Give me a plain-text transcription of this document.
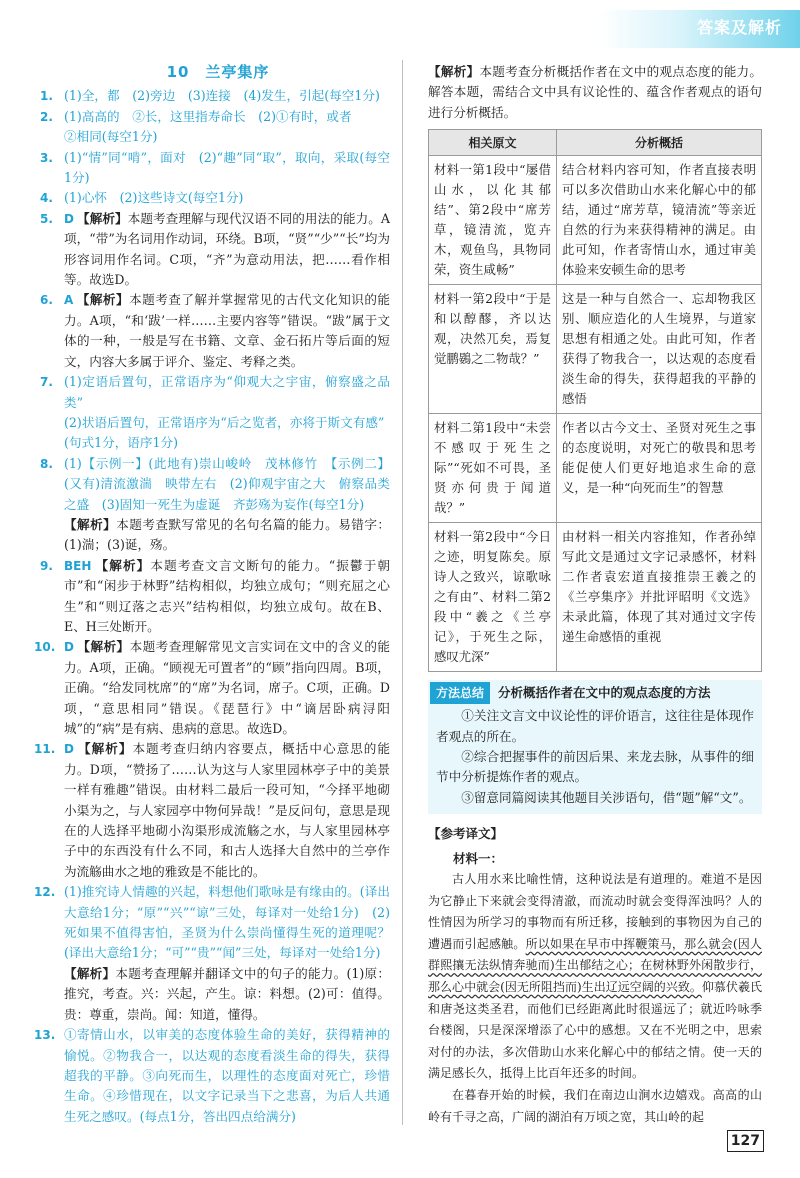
答案及解析
10　兰亭集序
1. (1)全，都　(2)旁边　(3)连接　(4)发生，引起(每空1分)
2. (1)高高的　②长，这里指寿命长　(2)①有时，或者
②相同(每空1分)
3. (1)“情”同“啃”，面对　(2)“趣”同“取”，取向，采取(每空1分)
4. (1)心怀　(2)这些诗文(每空1分)
5. D 【解析】本题考查理解与现代汉语不同的用法的能力。A项，“带”为名词用作动词，环绕。B项，“贤”“少”“长”均为形容词用作名词。C项，“齐”为意动用法，把……看作相等。故选D。
6. A 【解析】本题考查了解并掌握常见的古代文化知识的能力。A项，“和‘跋’一样……主要内容等”错误。“跋”属于文体的一种，一般是写在书籍、文章、金石拓片等后面的短文，内容大多属于评介、鉴定、考释之类。
7. (1)定语后置句，正常语序为“仰观大之宇宙，俯察盛之品类”
(2)状语后置句，正常语序为“后之览者，亦将于斯文有感”
(句式1分，语序1分)
8. (1)【示例一】(此地有)崇山峻岭　茂林修竹　【示例二】(又有)清流激湍　映带左右　(2)仰观宇宙之大　俯察品类之盛　(3)固知一死生为虚诞　齐彭殇为妄作(每空1分)
【解析】本题考查默写常见的名句名篇的能力。易错字：(1)湍；(3)诞，殇。
9. BEH 【解析】本题考查文言文断句的能力。“振鬱于朝市”和“闲步于林野”结构相似，均独立成句；“则充屈之心生”和“则辽落之志兴”结构相似，均独立成句。故在B、E、H三处断开。
10. D 【解析】本题考查理解常见文言实词在文中的含义的能力。A项，正确。“顾视无可置者”的“顾”指向四周。B项，正确。“给发同枕席”的“席”为名词，席子。C项，正确。D项，“意思相同”错误。《琵琶行》中“谪居卧病浔阳城”的“病”是有病、患病的意思。故选D。
11. D 【解析】本题考查归纳内容要点，概括中心意思的能力。D项，“赞扬了……认为这与人家里园林亭子中的美景一样有雅趣”错误。由材料二最后一段可知，“今择平地砌小渠为之，与人家园亭中物何异哉！”是反问句，意思是现在的人选择平地砌小沟渠形成流觞之水，与人家里园林亭子中的东西没有什么不同，和古人选择大自然中的兰亭作为流觞曲水之地的雅致是不能比的。
12. (1)推究诗人情趣的兴起，料想他们歌咏是有缘由的。(译出大意给1分；“原”“兴”“谅”三处，每译对一处给1分)　(2)死如果不值得害怕，圣贤为什么崇尚懂得生死的道理呢？(译出大意给1分；“可”“贵”“闻”三处，每译对一处给1分)
【解析】本题考查理解并翻译文中的句子的能力。(1)原：推究，考查。兴：兴起，产生。谅：料想。(2)可：值得。贵：尊重，崇尚。闻：知道，懂得。
13. ①寄情山水，以审美的态度体验生命的美好，获得精神的愉悦。②物我合一，以达观的态度看淡生命的得失，获得超我的平静。③向死而生，以理性的态度面对死亡，珍惜生命。④珍惜现在，以文字记录当下之悲喜，为后人共通生死之感叹。(每点1分，答出四点给满分)
【解析】本题考查分析概括作者在文中的观点态度的能力。解答本题，需结合文中具有议论性的、蕴含作者观点的语句进行分析概括。
相关原文	分析概括
材料一第1段中“屡借山水，以化其郁结”、第2段中“席芳草，镜清流，览卉木，观鱼鸟，具物同荣，资生咸畅”	结合材料内容可知，作者直接表明可以多次借助山水来化解心中的郁结，通过“席芳草，镜清流”等亲近自然的行为来获得精神的满足。由此可知，作者寄情山水，通过审美体验来安顿生命的思考
材料一第2段中“于是和以醇醪，齐以达观，决然兀矣，焉复觉鹏鷃之二物哉？”	这是一种与自然合一、忘却物我区别、顺应造化的人生境界，与道家思想有相通之处。由此可知，作者获得了物我合一，以达观的态度看淡生命的得失，获得超我的平静的感悟
材料二第1段中“未尝不感叹于死生之际”“死如不可畏，圣贤亦何贵于闻道哉？”	作者以古今文士、圣贤对死生之事的态度说明，对死亡的敬畏和思考能促使人们更好地追求生命的意义，是一种“向死而生”的智慧
材料一第2段中“今日之迹，明复陈矣。原诗人之致兴，谅歌咏之有由”、材料二第2段中“羲之《兰亭记》，于死生之际，感叹尤深”	由材料一相关内容推知，作者孙绰写此文是通过文字记录感怀，材料二作者袁宏道直接推崇王羲之的《兰亭集序》并批评昭明《文选》未录此篇，体现了其对通过文字传递生命感悟的重视
方法总结	分析概括作者在文中的观点态度的方法

①关注文言文中议论性的评价语言，这往往是体现作者观点的所在。

②综合把握事件的前因后果、来龙去脉，从事件的细节中分析提炼作者的观点。

③留意同篇阅读其他题目关涉语句，借“题”解“文”。

【参考译文】
材料一：

古人用水来比喻性情，这种说法是有道理的。难道不是因为它静止下来就会变得清澈，而流动时就会变得浑浊吗？人的性情因为所学习的事物而有所迁移，接触到的事物因为自己的遭遇而引起感触。所以如果在早市中挥鞭策马，那么就会(因人群熙攘无法纵情奔驰而)生出郁结之心；在树林野外闲散步行，那么心中就会(因无所阻挡而)生出辽远空阔的兴致。仰慕伏羲氏和唐尧这类圣君，而他们已经距离此时很遥远了；就近吟咏季台楼阁，只是深深增添了心中的感想。又在不光明之中，思索对付的办法，多次借助山水来化解心中的郁结之情。使一天的满足感长久，抵得上比百年还多的时间。

在暮春开始的时候，我们在南边山涧水边嬉戏。高高的山岭有千寻之高，广阔的湖泊有万顷之宽，其山岭的起

127
